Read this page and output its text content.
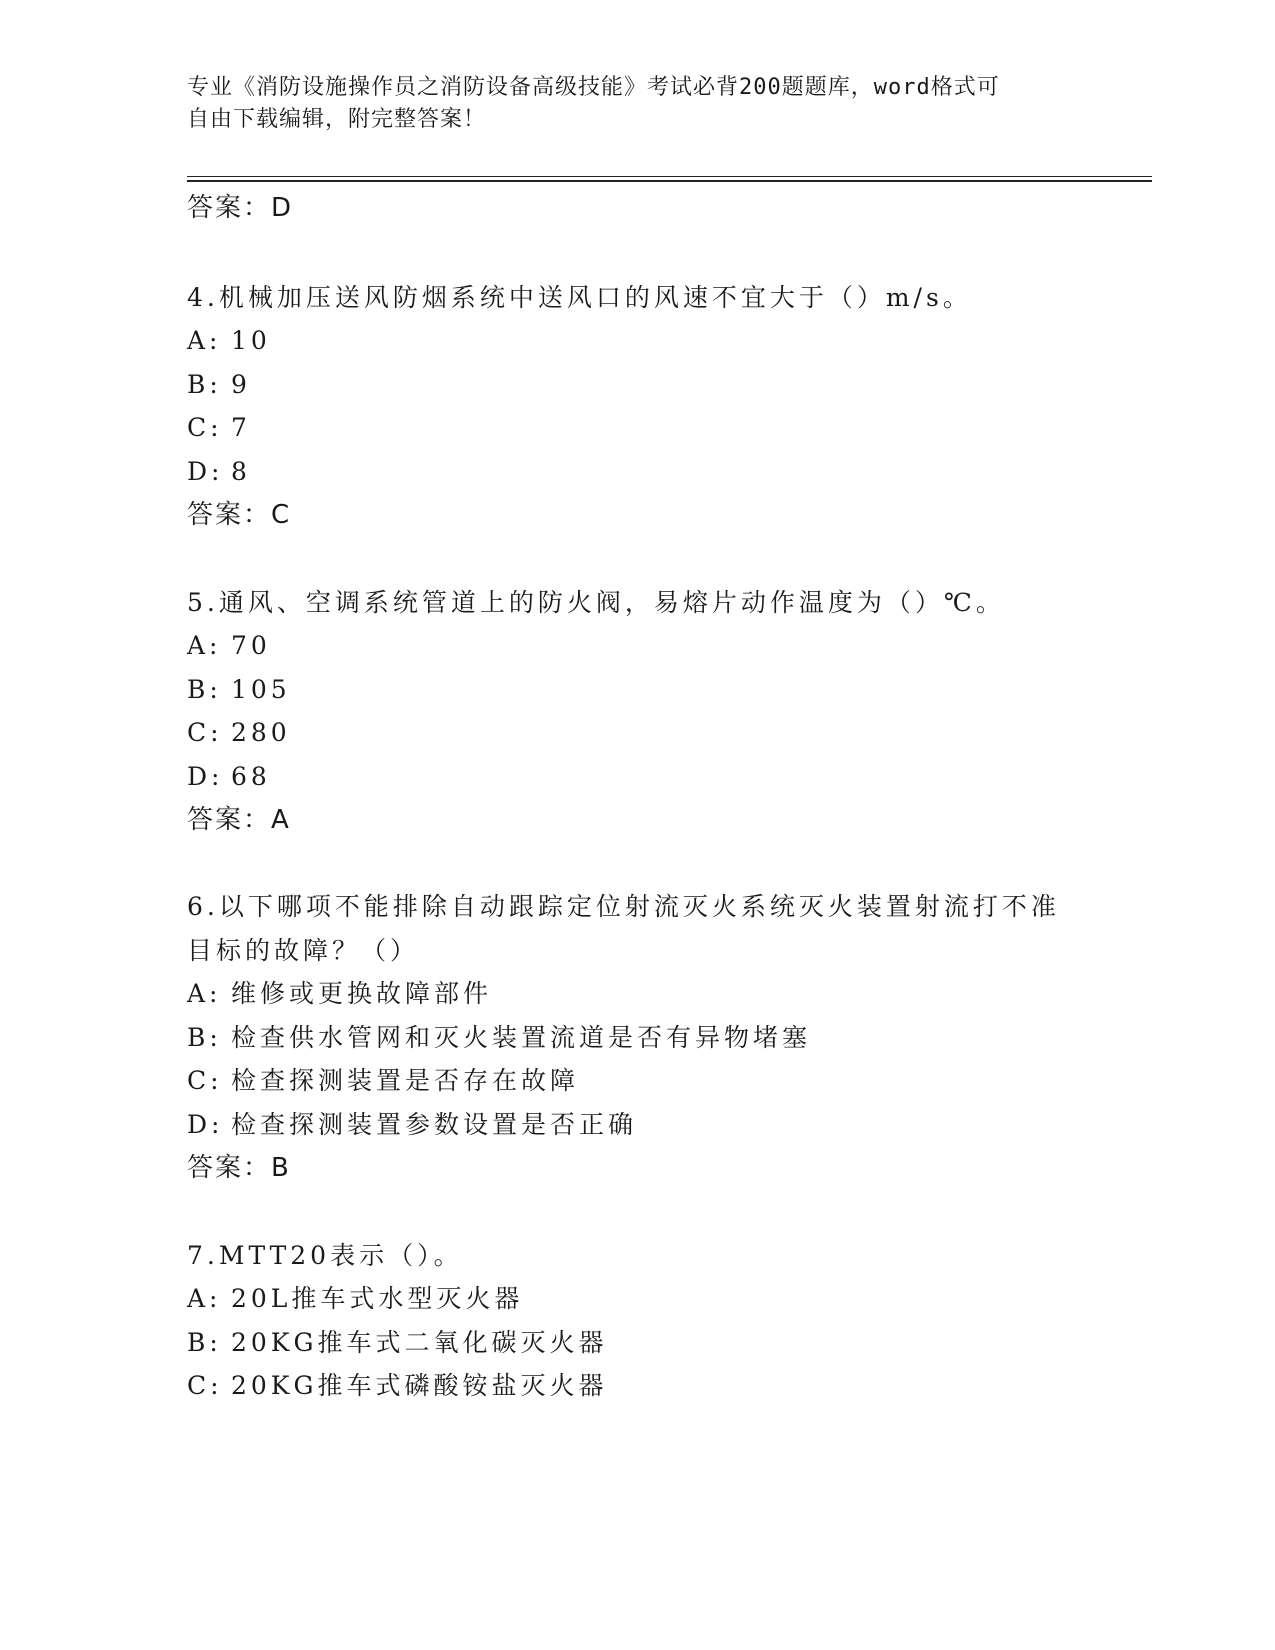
专业《消防设施操作员之消防设备高级技能》考试必背200题题库，word格式可
自由下载编辑，附完整答案！
答案：D
4.机械加压送风防烟系统中送风口的风速不宜大于（）m/s。
A: 10
B: 9
C: 7
D: 8
答案：C
5.通风、空调系统管道上的防火阀，易熔片动作温度为（）℃。
A: 70
B: 105
C: 280
D: 68
答案：A
6.以下哪项不能排除自动跟踪定位射流灭火系统灭火装置射流打不准
目标的故障？（）
A: 维修或更换故障部件
B: 检查供水管网和灭火装置流道是否有异物堵塞
C: 检查探测装置是否存在故障
D: 检查探测装置参数设置是否正确
答案：B
7.MTT20表示（）。
A: 20L推车式水型灭火器
B: 20KG推车式二氧化碳灭火器
C: 20KG推车式磷酸铵盐灭火器
